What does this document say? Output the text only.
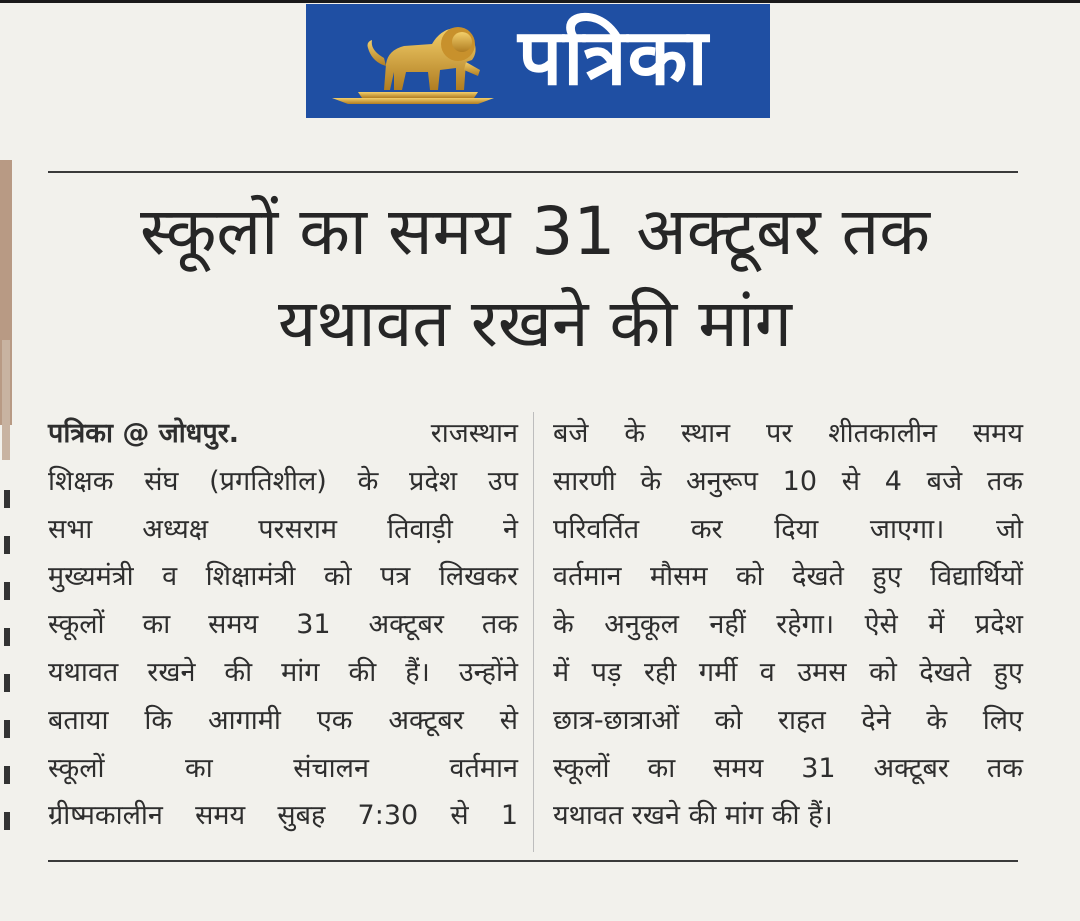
पत्रिका
स्कूलों का समय 31 अक्टूबर तक
यथावत रखने की मांग
पत्रिका @ जोधपुर.	राजस्थान
शिक्षक संघ (प्रगतिशील) के प्रदेश उप
सभा अध्यक्ष परसराम तिवाड़ी ने
मुख्यमंत्री व शिक्षामंत्री को पत्र लिखकर
स्कूलों का समय 31 अक्टूबर तक
यथावत रखने की मांग की हैं। उन्होंने
बताया कि आगामी एक अक्टूबर से
स्कूलों का संचालन वर्तमान
ग्रीष्मकालीन समय सुबह 7:30 से 1
बजे के स्थान पर शीतकालीन समय
सारणी के अनुरूप 10 से 4 बजे तक
परिवर्तित कर दिया जाएगा। जो
वर्तमान मौसम को देखते हुए विद्यार्थियों
के अनुकूल नहीं रहेगा। ऐसे में प्रदेश
में पड़ रही गर्मी व उमस को देखते हुए
छात्र-छात्राओं को राहत देने के लिए
स्कूलों का समय 31 अक्टूबर तक
यथावत रखने की मांग की हैं।
